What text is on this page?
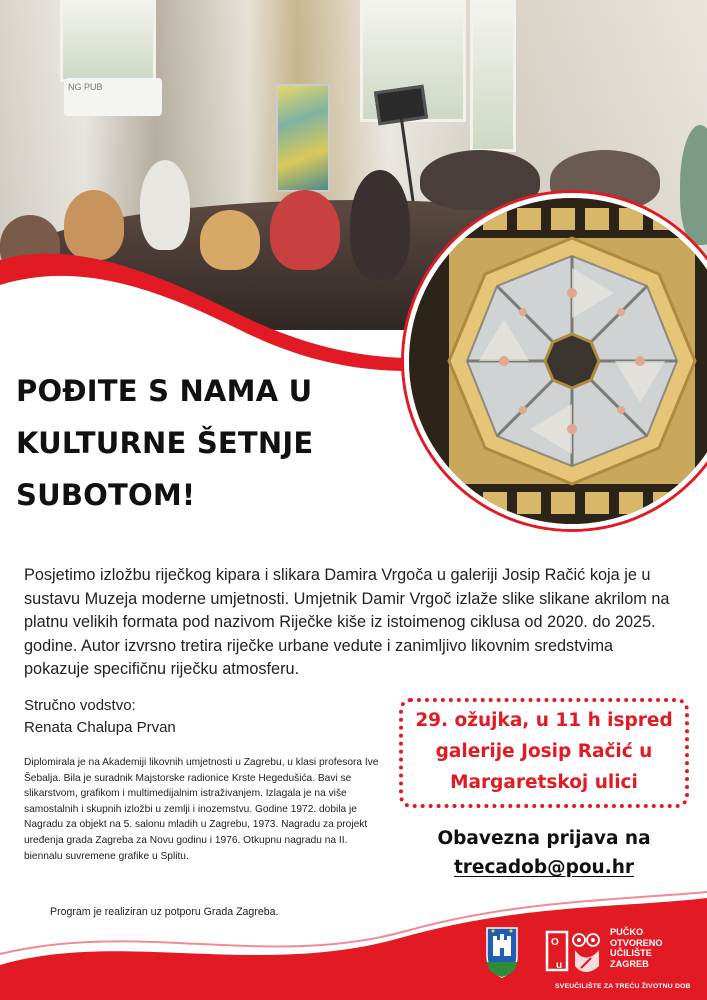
NG PUB
POĐITE S NAMA U
KULTURNE ŠETNJE
SUBOTOM!
Posjetimo izložbu riječkog kipara i slikara Damira Vrgoča u galeriji Josip Račić koja je u sustavu Muzeja moderne umjetnosti. Umjetnik Damir Vrgoč izlaže slike slikane akrilom na platnu velikih formata pod nazivom Riječke kiše iz istoimenog ciklusa od 2020. do 2025. godine. Autor izvrsno tretira riječke urbane vedute i zanimljivo likovnim sredstvima pokazuje specifičnu riječku atmosferu.
Stručno vodstvo:
Renata Chalupa Prvan
Diplomirala je na Akademiji likovnih umjetnosti u Zagrebu, u klasi profesora Ive Šebalja. Bila je suradnik Majstorske radionice Krste Hegedušića. Bavi se slikarstvom, grafikom i multimedijalnim istraživanjem. Izlagala je na više samostalnih i skupnih izložbi u zemlji i inozemstvu. Godine 1972. dobila je Nagradu za objekt na 5. salonu mladih u Zagrebu, 1973. Nagradu za projekt uređenja grada Zagreba za Novu godinu i 1976. Otkupnu nagradu na II. biennalu suvremene grafike u Splitu.
29. ožujka, u 11 h ispred
galerije Josip Račić u
Margaretskoj ulici
Obavezna prijava na
trecadob@pou.hr
Program je realiziran uz potporu Grada Zagreba.
O
u
PUČKO
OTVORENO
UČILIŠTE
ZAGREB
SVEUČILIŠTE ZA TREĆU ŽIVOTNU DOB
